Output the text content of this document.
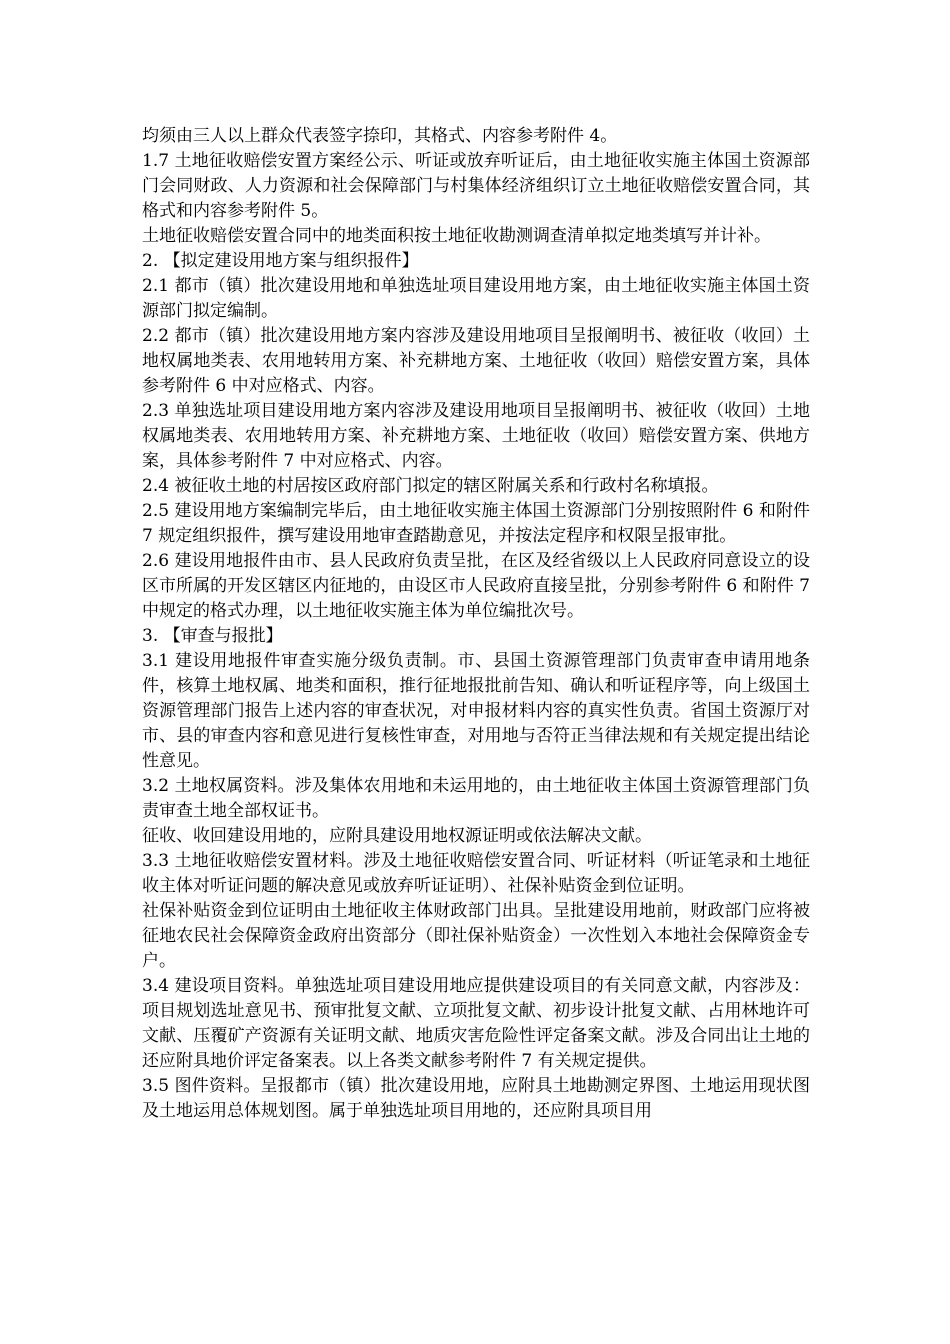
均须由三人以上群众代表签字捺印，其格式、内容参考附件 4。

1.7 土地征收赔偿安置方案经公示、听证或放弃听证后，由土地征收实施主体国土资源部门会同财政、人力资源和社会保障部门与村集体经济组织订立土地征收赔偿安置合同，其格式和内容参考附件 5。

土地征收赔偿安置合同中的地类面积按土地征收勘测调查清单拟定地类填写并计补。

2. 【拟定建设用地方案与组织报件】

2.1 都市（镇）批次建设用地和单独选址项目建设用地方案，由土地征收实施主体国土资源部门拟定编制。

2.2 都市（镇）批次建设用地方案内容涉及建设用地项目呈报阐明书、被征收（收回）土地权属地类表、农用地转用方案、补充耕地方案、土地征收（收回）赔偿安置方案，具体参考附件 6 中对应格式、内容。

2.3 单独选址项目建设用地方案内容涉及建设用地项目呈报阐明书、被征收（收回）土地权属地类表、农用地转用方案、补充耕地方案、土地征收（收回）赔偿安置方案、供地方案，具体参考附件 7 中对应格式、内容。

2.4 被征收土地的村居按区政府部门拟定的辖区附属关系和行政村名称填报。

2.5 建设用地方案编制完毕后，由土地征收实施主体国土资源部门分别按照附件 6 和附件 7 规定组织报件，撰写建设用地审查踏勘意见，并按法定程序和权限呈报审批。

2.6 建设用地报件由市、县人民政府负责呈批，在区及经省级以上人民政府同意设立的设区市所属的开发区辖区内征地的，由设区市人民政府直接呈批，分别参考附件 6 和附件 7 中规定的格式办理，以土地征收实施主体为单位编批次号。

3. 【审查与报批】

3.1 建设用地报件审查实施分级负责制。市、县国土资源管理部门负责审查申请用地条件，核算土地权属、地类和面积，推行征地报批前告知、确认和听证程序等，向上级国土资源管理部门报告上述内容的审查状况，对申报材料内容的真实性负责。省国土资源厅对市、县的审查内容和意见进行复核性审查，对用地与否符正当律法规和有关规定提出结论性意见。

3.2 土地权属资料。涉及集体农用地和未运用地的，由土地征收主体国土资源管理部门负责审查土地全部权证书。

征收、收回建设用地的，应附具建设用地权源证明或依法解决文献。

3.3 土地征收赔偿安置材料。涉及土地征收赔偿安置合同、听证材料（听证笔录和土地征收主体对听证问题的解决意见或放弃听证证明）、社保补贴资金到位证明。

社保补贴资金到位证明由土地征收主体财政部门出具。呈批建设用地前，财政部门应将被征地农民社会保障资金政府出资部分（即社保补贴资金）一次性划入本地社会保障资金专户。

3.4 建设项目资料。单独选址项目建设用地应提供建设项目的有关同意文献，内容涉及：项目规划选址意见书、预审批复文献、立项批复文献、初步设计批复文献、占用林地许可文献、压覆矿产资源有关证明文献、地质灾害危险性评定备案文献。涉及合同出让土地的还应附具地价评定备案表。以上各类文献参考附件 7 有关规定提供。

3.5 图件资料。呈报都市（镇）批次建设用地，应附具土地勘测定界图、土地运用现状图及土地运用总体规划图。属于单独选址项目用地的，还应附具项目用
